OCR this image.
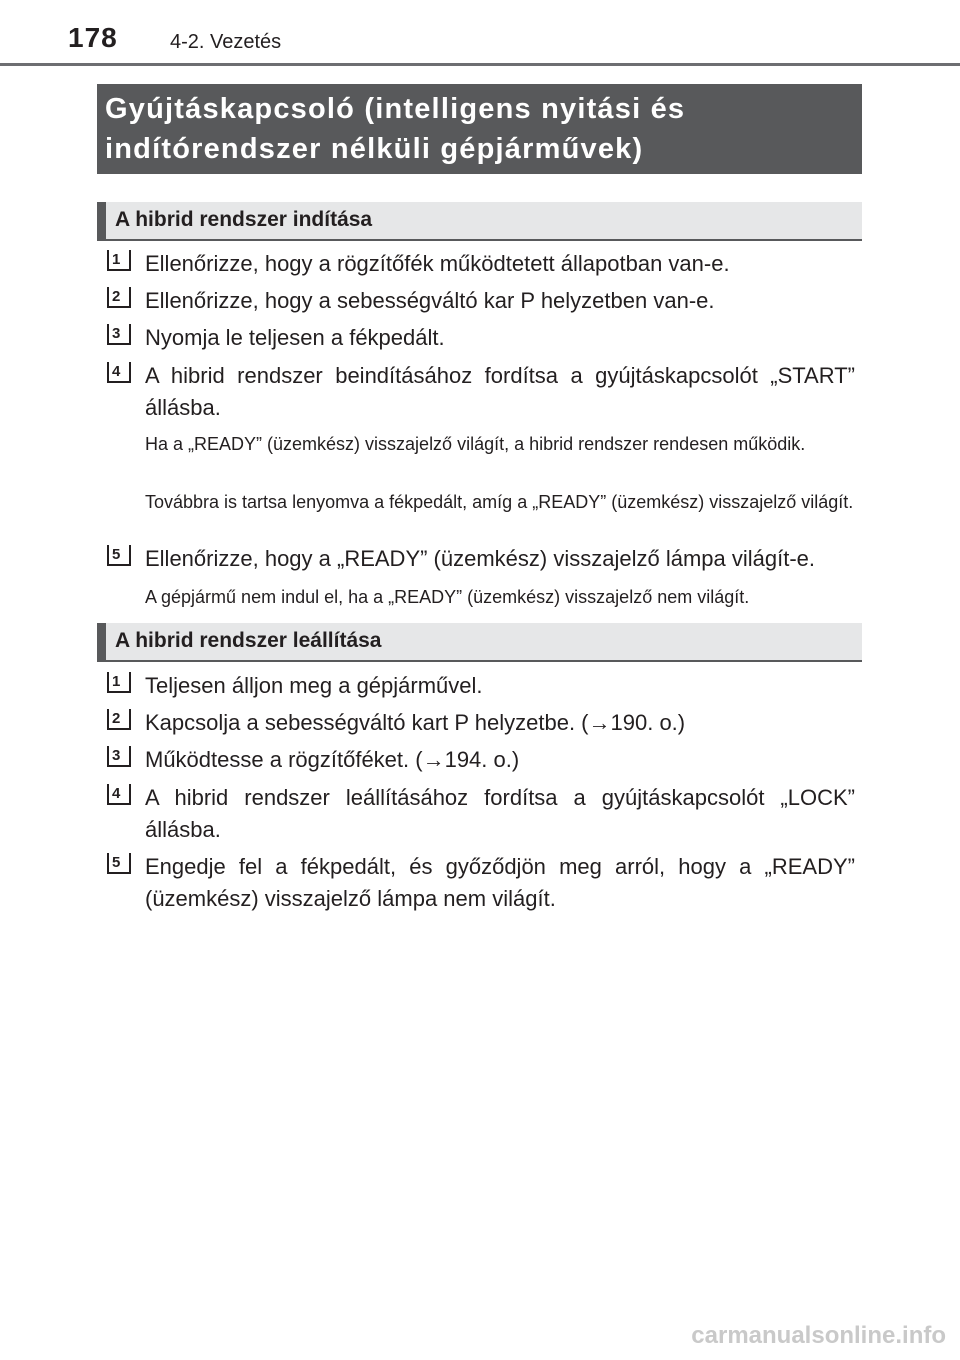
178	4-2. Vezetés
Gyújtáskapcsoló (intelligens nyitási és
indítórendszer nélküli gépjárművek)
A hibrid rendszer indítása
1	Ellenőrizze, hogy a rögzítőfék működtetett állapotban van-e.
2	Ellenőrizze, hogy a sebességváltó kar P helyzetben van-e.
3	Nyomja le teljesen a fékpedált.
4	A hibrid rendszer beindításához fordítsa a gyújtáskapcsolót „START” állásba.
Ha a „READY” (üzemkész) visszajelző világít, a hibrid rendszer rendesen működik.
Továbbra is tartsa lenyomva a fékpedált, amíg a „READY” (üzemkész) visszajelző világít.
5	Ellenőrizze, hogy a „READY” (üzemkész) visszajelző lámpa világít-e.
A gépjármű nem indul el, ha a „READY” (üzemkész) visszajelző nem világít.
A hibrid rendszer leállítása
1	Teljesen álljon meg a gépjárművel.
2	Kapcsolja a sebességváltó kart P helyzetbe. (→190. o.)
3	Működtesse a rögzítőféket. (→194. o.)
4	A hibrid rendszer leállításához fordítsa a gyújtáskapcsolót „LOCK” állásba.
5	Engedje fel a fékpedált, és győződjön meg arról, hogy a „READY” (üzemkész) visszajelző lámpa nem világít.
carmanualsonline.info
